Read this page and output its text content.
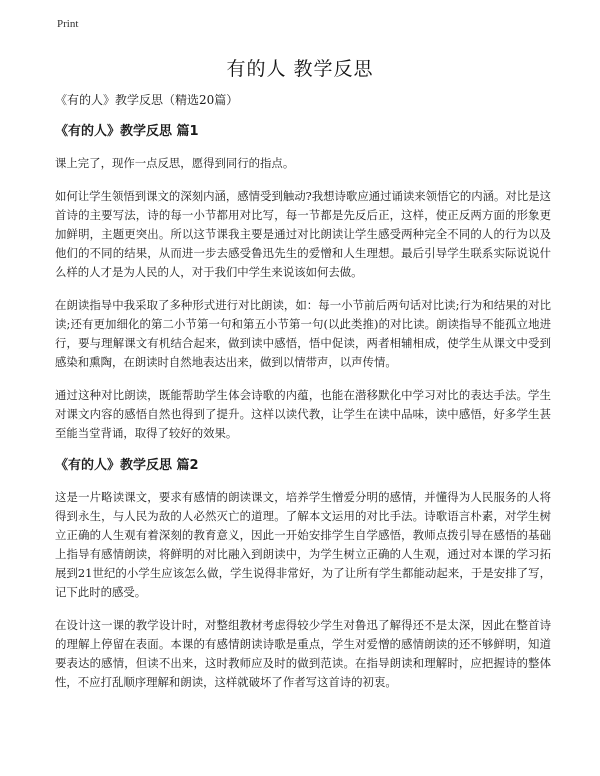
Print
有的人 教学反思

《有的人》教学反思（精选20篇）

《有的人》教学反思 篇1

课上完了，现作一点反思，愿得到同行的指点。

如何让学生领悟到课文的深刻内涵，感情受到触动?我想诗歌应通过诵读来领悟它的内涵。对比是这首诗的主要写法，诗的每一小节都用对比写，每一节都是先反后正，这样，使正反两方面的形象更加鲜明，主题更突出。所以这节课我主要是通过对比朗读让学生感受两种完全不同的人的行为以及他们的不同的结果，从而进一步去感受鲁迅先生的爱憎和人生理想。最后引导学生联系实际说说什么样的人才是为人民的人，对于我们中学生来说该如何去做。

在朗读指导中我采取了多种形式进行对比朗读，如：每一小节前后两句话对比读;行为和结果的对比读;还有更加细化的第二小节第一句和第五小节第一句(以此类推)的对比读。朗读指导不能孤立地进行，要与理解课文有机结合起来，做到读中感悟，悟中促读，两者相辅相成，使学生从课文中受到感染和熏陶，在朗读时自然地表达出来，做到以情带声，以声传情。

通过这种对比朗读，既能帮助学生体会诗歌的内蕴，也能在潜移默化中学习对比的表达手法。学生对课文内容的感悟自然也得到了提升。这样以读代教，让学生在读中品味，读中感悟，好多学生甚至能当堂背诵，取得了较好的效果。

《有的人》教学反思 篇2

这是一片略读课文，要求有感情的朗读课文，培养学生憎爱分明的感情，并懂得为人民服务的人将得到永生，与人民为敌的人必然灭亡的道理。了解本文运用的对比手法。诗歌语言朴素，对学生树立正确的人生观有着深刻的教育意义，因此一开始安排学生自学感悟，教师点拨引导在感悟的基础上指导有感情朗读，将鲜明的对比融入到朗读中，为学生树立正确的人生观，通过对本课的学习拓展到21世纪的小学生应该怎么做，学生说得非常好，为了让所有学生都能动起来，于是安排了写，记下此时的感受。

在设计这一课的教学设计时，对整组教材考虑得较少学生对鲁迅了解得还不是太深，因此在整首诗的理解上停留在表面。本课的有感情朗读诗歌是重点，学生对爱憎的感情朗读的还不够鲜明，知道要表达的感情，但读不出来，这时教师应及时的做到范读。在指导朗读和理解时，应把握诗的整体性，不应打乱顺序理解和朗读，这样就破坏了作者写这首诗的初衷。
